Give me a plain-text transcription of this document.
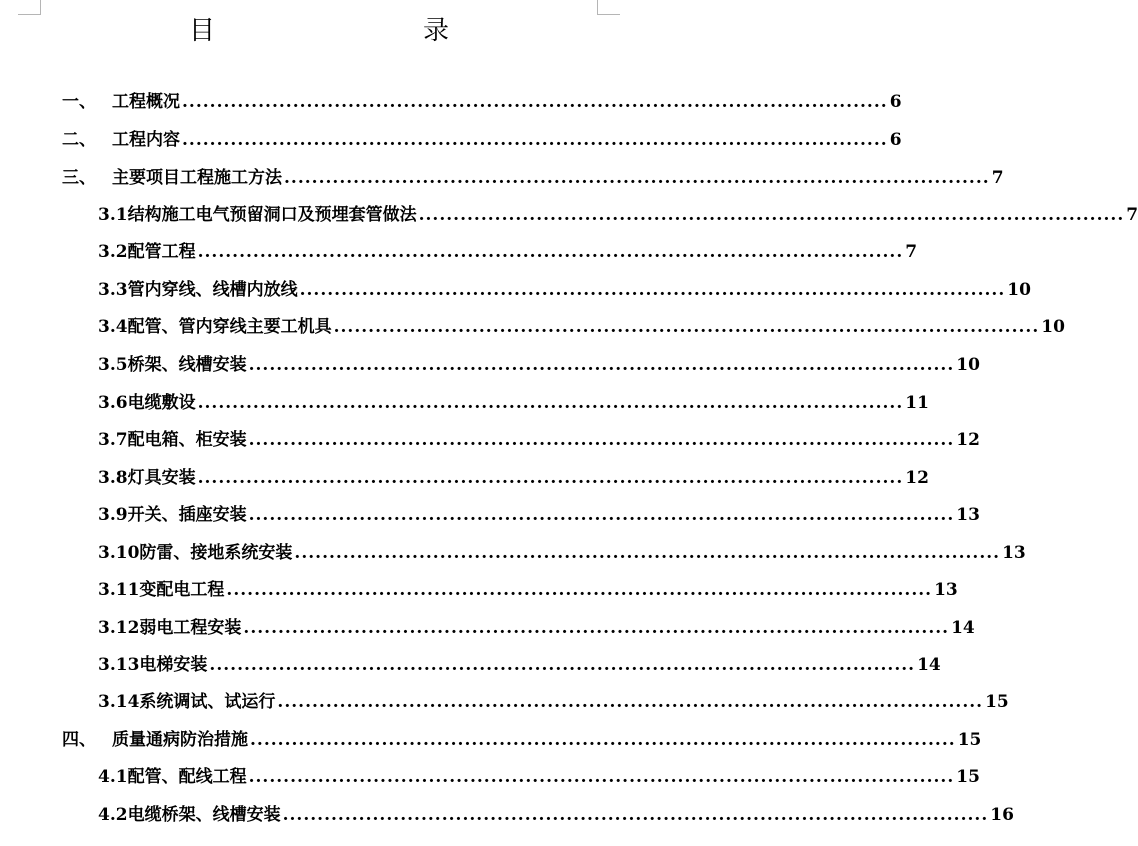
目　　录
一、 工程概况 ...................................................................................................... 6
二、 工程内容 ...................................................................................................... 6
三、 主要项目工程施工方法 ...................................................................................................... 7
3.1结构施工电气预留洞口及预埋套管做法 ...................................................................................................... 7
3.2配管工程 ...................................................................................................... 7
3.3管内穿线、线槽内放线 ...................................................................................................... 10
3.4配管、管内穿线主要工机具 ...................................................................................................... 10
3.5桥架、线槽安装 ...................................................................................................... 10
3.6电缆敷设 ...................................................................................................... 11
3.7配电箱、柜安装 ...................................................................................................... 12
3.8灯具安装 ...................................................................................................... 12
3.9开关、插座安装 ...................................................................................................... 13
3.10防雷、接地系统安装 ...................................................................................................... 13
3.11变配电工程 ...................................................................................................... 13
3.12弱电工程安装 ...................................................................................................... 14
3.13电梯安装 ...................................................................................................... 14
3.14系统调试、试运行 ...................................................................................................... 15
四、 质量通病防治措施 ...................................................................................................... 15
4.1配管、配线工程 ...................................................................................................... 15
4.2电缆桥架、线槽安装 ...................................................................................................... 16
